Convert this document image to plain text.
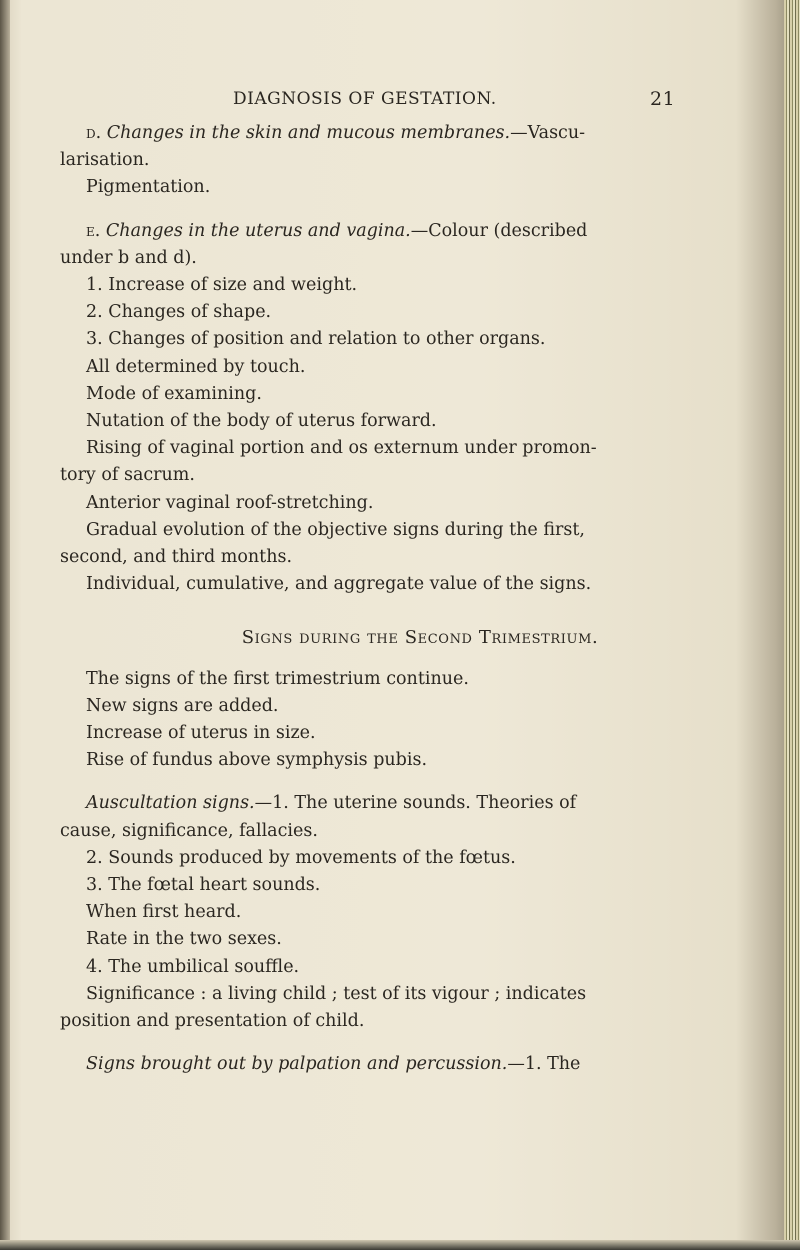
DIAGNOSIS OF GESTATION.	21

d. Changes in the skin and mucous membranes.—Vascu-

larisation.

Pigmentation.

e. Changes in the uterus and vagina.—Colour (described

under b and d).

1. Increase of size and weight.

2. Changes of shape.

3. Changes of position and relation to other organs.

All determined by touch.

Mode of examining.

Nutation of the body of uterus forward.

Rising of vaginal portion and os externum under promon-

tory of sacrum.

Anterior vaginal roof-stretching.

Gradual evolution of the objective signs during the first,

second, and third months.

Individual, cumulative, and aggregate value of the signs.

Signs during the Second Trimestrium.

The signs of the first trimestrium continue.

New signs are added.

Increase of uterus in size.

Rise of fundus above symphysis pubis.

Auscultation signs.—1. The uterine sounds. Theories of

cause, significance, fallacies.

2. Sounds produced by movements of the fœtus.

3. The fœtal heart sounds.

When first heard.

Rate in the two sexes.

4. The umbilical souffle.

Significance : a living child ; test of its vigour ; indicates

position and presentation of child.

Signs brought out by palpation and percussion.—1. The
